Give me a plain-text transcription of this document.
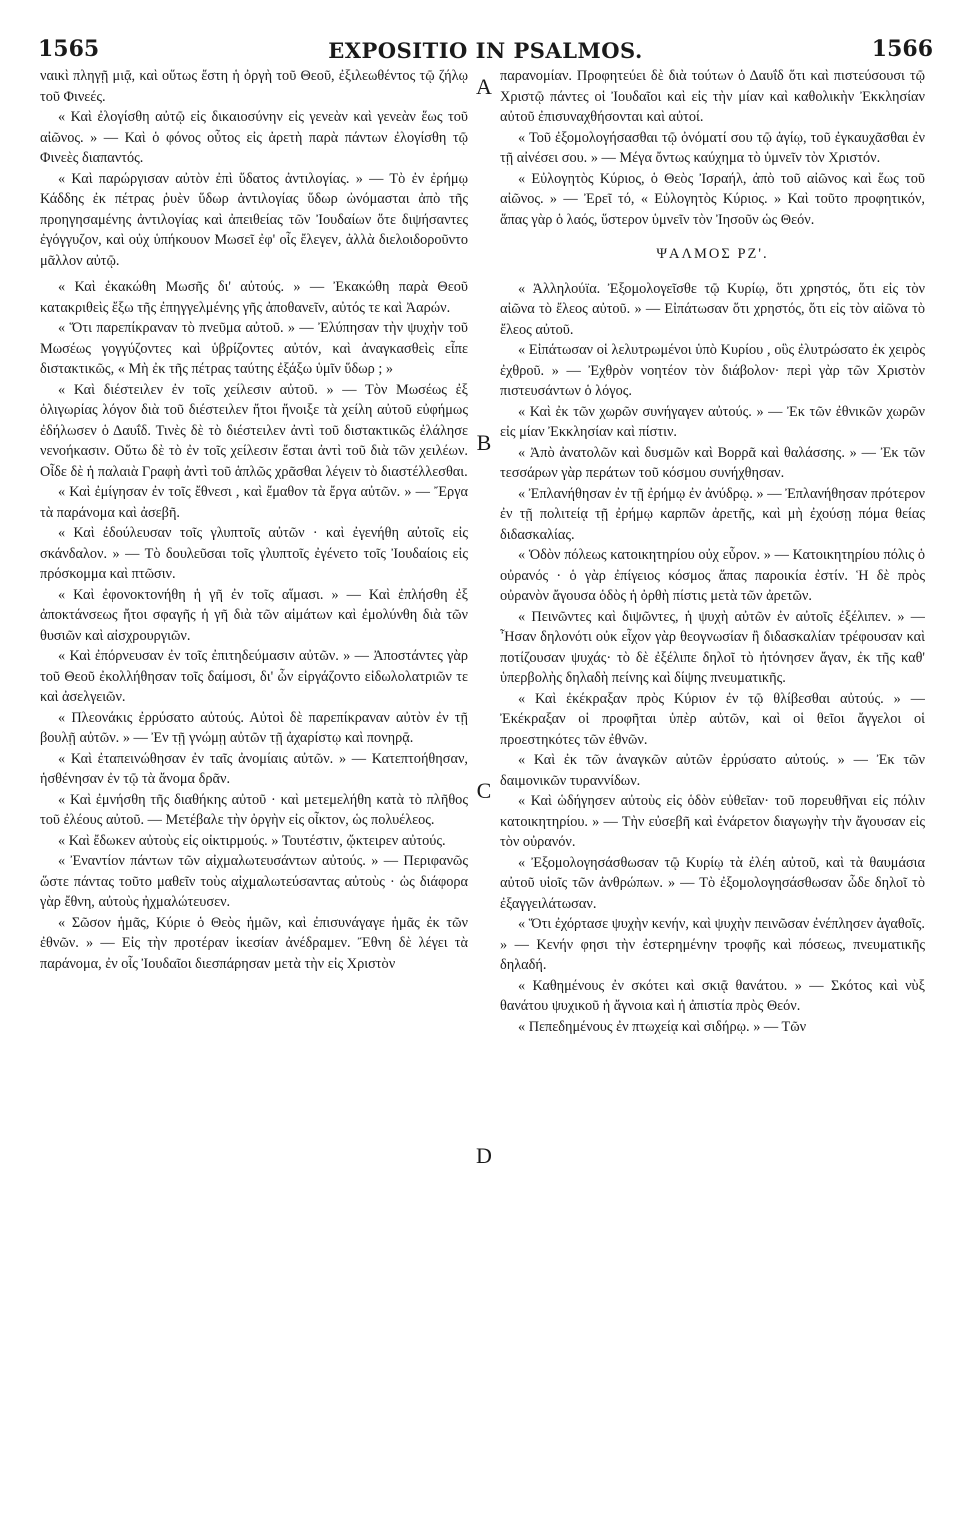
1565	EXPOSITIO IN PSALMOS.	1566

ναικὶ πληγῇ μιᾷ, καὶ οὕτως ἔστη ἡ ὀργὴ τοῦ Θεοῦ, ἐξιλεωθέντος τῷ ζήλῳ τοῦ Φινεές.

« Καὶ ἐλογίσθη αὐτῷ εἰς δικαιοσύνην εἰς γενεὰν καὶ γενεὰν ἕως τοῦ αἰῶνος. » — Καὶ ὁ φόνος οὗτος εἰς ἀρετὴ παρὰ πάντων ἐλογίσθη τῷ Φινεὲς διαπαντός.

« Καὶ παρώργισαν αὐτὸν ἐπὶ ὕδατος ἀντιλογίας. » — Τὸ ἐν ἐρήμῳ Κάδδης ἐκ πέτρας ῥυὲν ὕδωρ ἀντιλογίας ὕδωρ ὠνόμασται ἀπὸ τῆς προηγησαμένης ἀντιλογίας καὶ ἀπειθείας τῶν Ἰουδαίων ὅτε διψήσαντες ἐγόγγυζον, καὶ οὐχ ὑπήκουον Μωσεῖ ἐφ' οἷς ἔλεγεν, ἀλλὰ διελοιδοροῦντο μᾶλλον αὐτῷ.

« Καὶ ἐκακώθη Μωσῆς δι' αὐτούς. » — Ἐκακώθη παρὰ Θεοῦ κατακριθεὶς ἔξω τῆς ἐπηγγελμένης γῆς ἀποθανεῖν, αὐτός τε καὶ Ἀαρών.

« Ὅτι παρεπίκραναν τὸ πνεῦμα αὐτοῦ. » — Ἐλύπησαν τὴν ψυχὴν τοῦ Μωσέως γογγύζοντες καὶ ὑβρίζοντες αὐτόν, καὶ ἀναγκασθεὶς εἶπε διστακτικῶς, « Μὴ ἐκ τῆς πέτρας ταύτης ἐξάξω ὑμῖν ὕδωρ ; »

« Καὶ διέστειλεν ἐν τοῖς χείλεσιν αὐτοῦ. » — Τὸν Μωσέως ἐξ ὀλιγωρίας λόγον διὰ τοῦ διέστειλεν ἤτοι ἤνοιξε τὰ χείλη αὐτοῦ εὐφήμως ἐδήλωσεν ὁ Δαυΐδ. Τινὲς δὲ τὸ διέστειλεν ἀντὶ τοῦ διστακτικῶς ἐλάλησε νενοήκασιν. Οὕτω δὲ τὸ ἐν τοῖς χείλεσιν ἔσται ἀντὶ τοῦ διὰ τῶν χειλέων. Οἶδε δὲ ἡ παλαιὰ Γραφὴ ἀντὶ τοῦ ἁπλῶς χρᾶσθαι λέγειν τὸ διαστέλλεσθαι.

« Καὶ ἐμίγησαν ἐν τοῖς ἔθνεσι , καὶ ἔμαθον τὰ ἔργα αὐτῶν. » — Ἔργα τὰ παράνομα καὶ ἀσεβῆ.

« Καὶ ἐδούλευσαν τοῖς γλυπτοῖς αὐτῶν · καὶ ἐγενήθη αὐτοῖς εἰς σκάνδαλον. » — Τὸ δουλεῦσαι τοῖς γλυπτοῖς ἐγένετο τοῖς Ἰουδαίοις εἰς πρόσκομμα καὶ πτῶσιν.

« Καὶ ἐφονοκτονήθη ἡ γῆ ἐν τοῖς αἵμασι. » — Καὶ ἐπλήσθη ἐξ ἀποκτάνσεως ἤτοι σφαγῆς ἡ γῆ διὰ τῶν αἱμάτων καὶ ἐμολύνθη διὰ τῶν θυσιῶν καὶ αἰσχρουργιῶν.

« Καὶ ἐπόρνευσαν ἐν τοῖς ἐπιτηδεύμασιν αὐτῶν. » — Ἀποστάντες γὰρ τοῦ Θεοῦ ἐκολλήθησαν τοῖς δαίμοσι, δι' ὧν εἰργάζοντο εἰδωλολατριῶν τε καὶ ἀσελγειῶν.

« Πλεονάκις ἐρρύσατο αὐτούς. Αὐτοὶ δὲ παρεπίκραναν αὐτὸν ἐν τῇ βουλῇ αὐτῶν. » — Ἐν τῇ γνώμῃ αὐτῶν τῇ ἀχαρίστῳ καὶ πονηρᾷ.

« Καὶ ἐταπεινώθησαν ἐν ταῖς ἀνομίαις αὐτῶν. » — Κατεπτοήθησαν, ἡσθένησαν ἐν τῷ τὰ ἄνομα δρᾶν.

« Καὶ ἐμνήσθη τῆς διαθήκης αὐτοῦ · καὶ μετεμελήθη κατὰ τὸ πλῆθος τοῦ ἐλέους αὐτοῦ. — Μετέβαλε τὴν ὀργὴν εἰς οἶκτον, ὡς πολυέλεος.

« Καὶ ἔδωκεν αὐτοὺς εἰς οἰκτιρμούς. » Τουτέστιν, ᾤκτειρεν αὐτούς.

« Ἐναντίον πάντων τῶν αἰχμαλωτευσάντων αὐτούς. » — Περιφανῶς ὥστε πάντας τοῦτο μαθεῖν τοὺς αἰχμαλωτεύσαντας αὐτοὺς · ὡς διάφορα γὰρ ἔθνη, αὐτοὺς ἠχμαλώτευσεν.

« Σῶσον ἡμᾶς, Κύριε ὁ Θεὸς ἡμῶν, καὶ ἐπισυνάγαγε ἡμᾶς ἐκ τῶν ἐθνῶν. » — Εἰς τὴν προτέραν ἱκεσίαν ἀνέδραμεν. Ἔθνη δὲ λέγει τὰ παράνομα, ἐν οἷς Ἰουδαῖοι διεσπάρησαν μετὰ τὴν εἰς Χριστὸν

A
B
C
D

παρανομίαν. Προφητεύει δὲ διὰ τούτων ὁ Δαυΐδ ὅτι καὶ πιστεύσουσι τῷ Χριστῷ πάντες οἱ Ἰουδαῖοι καὶ εἰς τὴν μίαν καὶ καθολικὴν Ἐκκλησίαν αὐτοῦ ἐπισυναχθήσονται καὶ αὐτοί.

« Τοῦ ἐξομολογήσασθαι τῷ ὀνόματί σου τῷ ἁγίῳ, τοῦ ἐγκαυχᾶσθαι ἐν τῇ αἰνέσει σου. » — Μέγα ὄντως καύχημα τὸ ὑμνεῖν τὸν Χριστόν.

« Εὐλογητὸς Κύριος, ὁ Θεὸς Ἰσραήλ, ἀπὸ τοῦ αἰῶνος καὶ ἕως τοῦ αἰῶνος. » — Ἐρεῖ τό, « Εὐλογητὸς Κύριος. » Καὶ τοῦτο προφητικόν, ἅπας γὰρ ὁ λαός, ὕστερον ὑμνεῖν τὸν Ἰησοῦν ὡς Θεόν.

ΨΑΛΜΟΣ ΡΖ'.

« Ἀλληλούϊα. Ἐξομολογεῖσθε τῷ Κυρίῳ, ὅτι χρηστός, ὅτι εἰς τὸν αἰῶνα τὸ ἔλεος αὐτοῦ. » — Εἰπάτωσαν ὅτι χρηστός, ὅτι εἰς τὸν αἰῶνα τὸ ἔλεος αὐτοῦ.

« Εἰπάτωσαν οἱ λελυτρωμένοι ὑπὸ Κυρίου , οὓς ἐλυτρώσατο ἐκ χειρὸς ἐχθροῦ. » — Ἐχθρὸν νοητέον τὸν διάβολον· περὶ γὰρ τῶν Χριστὸν πιστευσάντων ὁ λόγος.

« Καὶ ἐκ τῶν χωρῶν συνήγαγεν αὐτούς. » — Ἐκ τῶν ἐθνικῶν χωρῶν εἰς μίαν Ἐκκλησίαν καὶ πίστιν.

« Ἀπὸ ἀνατολῶν καὶ δυσμῶν καὶ Βορρᾶ καὶ θαλάσσης. » — Ἐκ τῶν τεσσάρων γὰρ περάτων τοῦ κόσμου συνήχθησαν.

« Ἐπλανήθησαν ἐν τῇ ἐρήμῳ ἐν ἀνύδρῳ. » — Ἐπλανήθησαν πρότερον ἐν τῇ πολιτείᾳ τῇ ἐρήμῳ καρπῶν ἀρετῆς, καὶ μὴ ἐχούσῃ πόμα θείας διδασκαλίας.

« Ὁδὸν πόλεως κατοικητηρίου οὐχ εὗρον. » — Κατοικητηρίου πόλις ὁ οὐρανός · ὁ γὰρ ἐπίγειος κόσμος ἅπας παροικία ἐστίν. Ἡ δὲ πρὸς οὐρανὸν ἄγουσα ὁδὸς ἡ ὀρθὴ πίστις μετὰ τῶν ἀρετῶν.

« Πεινῶντες καὶ διψῶντες, ἡ ψυχὴ αὐτῶν ἐν αὐτοῖς ἐξέλιπεν. » — Ἦσαν δηλονότι οὐκ εἶχον γὰρ θεογνωσίαν ἢ διδασκαλίαν τρέφουσαν καὶ ποτίζουσαν ψυχάς· τὸ δὲ ἐξέλιπε δηλοῖ τὸ ἠτόνησεν ἄγαν, ἐκ τῆς καθ' ὑπερβολὴς δηλαδὴ πείνης καὶ δίψης πνευματικῆς.

« Καὶ ἐκέκραξαν πρὸς Κύριον ἐν τῷ θλίβεσθαι αὐτούς. » — Ἐκέκραξαν οἱ προφῆται ὑπὲρ αὐτῶν, καὶ οἱ θεῖοι ἄγγελοι οἱ προεστηκότες τῶν ἐθνῶν.

« Καὶ ἐκ τῶν ἀναγκῶν αὐτῶν ἐρρύσατο αὐτούς. » — Ἐκ τῶν δαιμονικῶν τυραννίδων.

« Καὶ ὡδήγησεν αὐτοὺς εἰς ὁδὸν εὐθεῖαν· τοῦ πορευθῆναι εἰς πόλιν κατοικητηρίου. » — Τὴν εὐσεβῆ καὶ ἐνάρετον διαγωγὴν τὴν ἄγουσαν εἰς τὸν οὐρανόν.

« Ἐξομολογησάσθωσαν τῷ Κυρίῳ τὰ ἐλέη αὐτοῦ, καὶ τὰ θαυμάσια αὐτοῦ υἱοῖς τῶν ἀνθρώπων. » — Τὸ ἐξομολογησάσθωσαν ὧδε δηλοῖ τὸ ἐξαγγειλάτωσαν.

« Ὅτι ἐχόρτασε ψυχὴν κενήν, καὶ ψυχὴν πεινῶσαν ἐνέπλησεν ἀγαθοῖς. » — Κενήν φησι τὴν ἐστερημένην τροφῆς καὶ πόσεως, πνευματικῆς δηλαδή.

« Καθημένους ἐν σκότει καὶ σκιᾷ θανάτου. » — Σκότος καὶ νὺξ θανάτου ψυχικοῦ ἡ ἄγνοια καὶ ἡ ἀπιστία πρὸς Θεόν.

« Πεπεδημένους ἐν πτωχείᾳ καὶ σιδήρῳ. » — Τῶν
